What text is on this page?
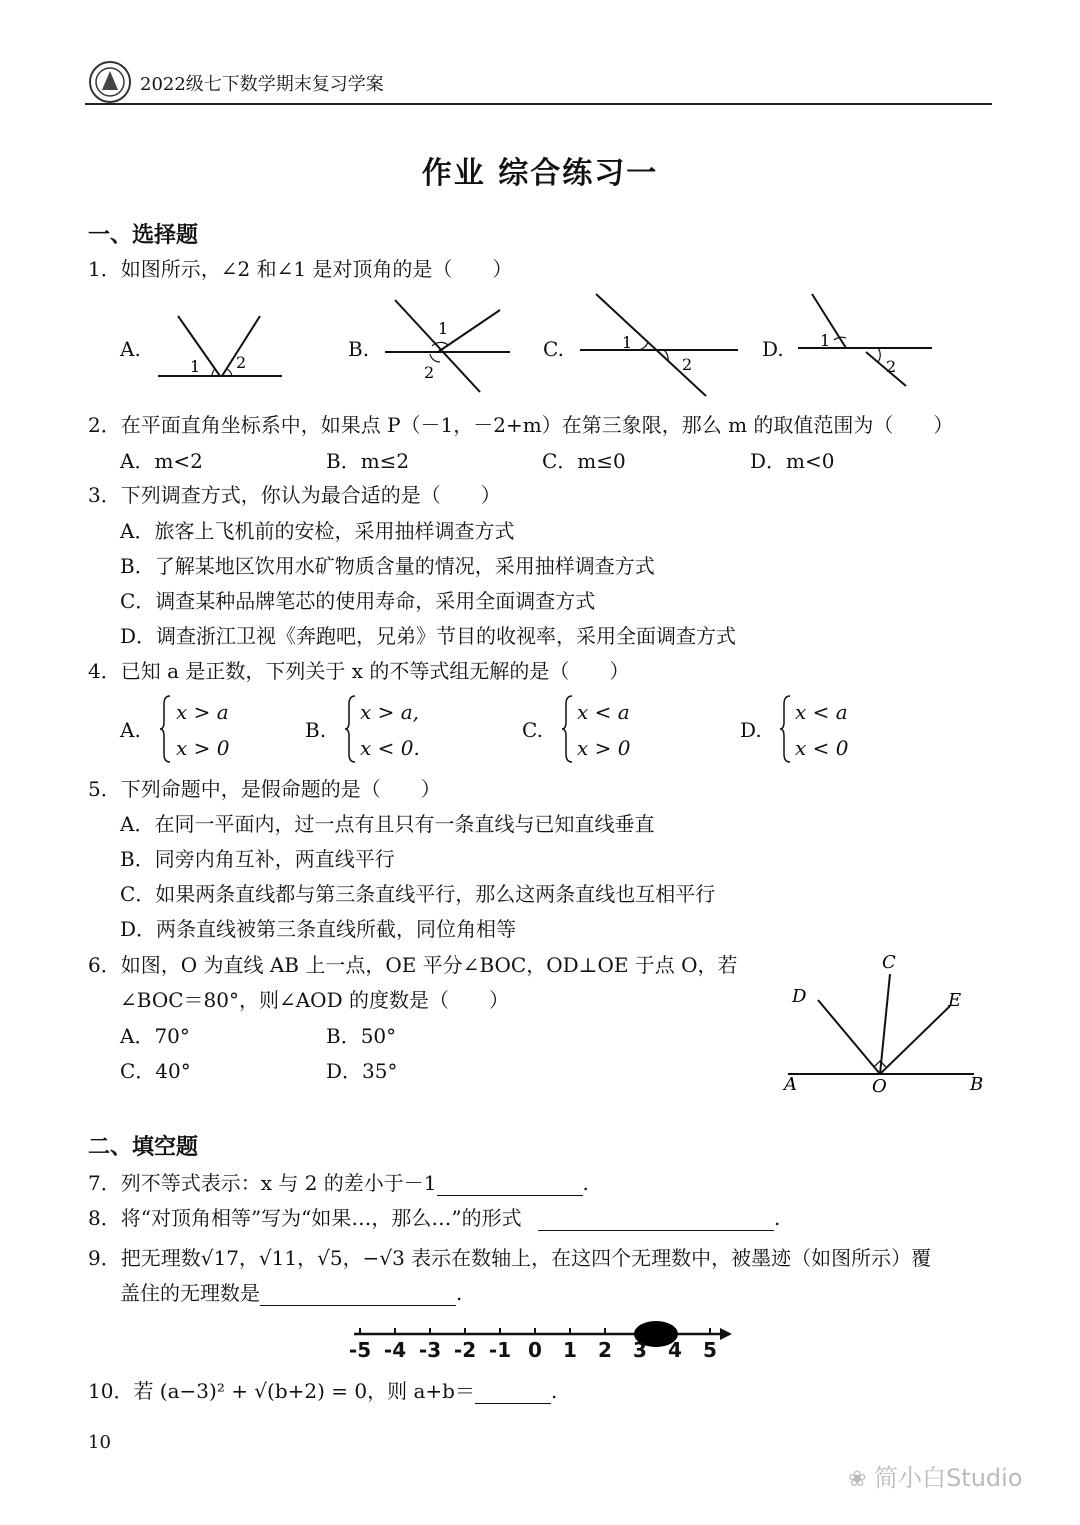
2022级七下数学期末复习学案
作业 综合练习一
一、选择题
1．如图所示，∠2 和∠1 是对顶角的是（　　）
A.	B.	C.	D.
1 2
1
2
1
2
1
2
2．在平面直角坐标系中，如果点 P（－1，－2+m）在第三象限，那么 m 的取值范围为（　　）
A．m<2	B．m≤2	C．m≤0	D．m<0
3．下列调查方式，你认为最合适的是（　　）
A．旅客上飞机前的安检，采用抽样调查方式
B．了解某地区饮用水矿物质含量的情况，采用抽样调查方式
C．调查某种品牌笔芯的使用寿命，采用全面调查方式
D．调查浙江卫视《奔跑吧，兄弟》节目的收视率，采用全面调查方式
4．已知 a 是正数，下列关于 x 的不等式组无解的是（　　）
A.
x > a
x > 0
B.
x > a,
x < 0.
C.
x < a
x > 0
D.
x < a
x < 0
5．下列命题中，是假命题的是（　　）
A．在同一平面内，过一点有且只有一条直线与已知直线垂直
B．同旁内角互补，两直线平行
C．如果两条直线都与第三条直线平行，那么这两条直线也互相平行
D．两条直线被第三条直线所截，同位角相等
6．如图，O 为直线 AB 上一点，OE 平分∠BOC，OD⊥OE 于点 O，若
∠BOC＝80°，则∠AOD 的度数是（　　）
A．70°	B．50°
C．40°	D．35°
C
D	E
A	O	B
二、填空题
7．列不等式表示：x 与 2 的差小于－1	.
8．将“对顶角相等”写为“如果…，那么…”的形式	.
9．把无理数√17，√11，√5，−√3 表示在数轴上，在这四个无理数中，被墨迹（如图所示）覆
盖住的无理数是	.
-5 -4 -3 -2 -1 0 1 2 3 4 5
10．若 (a−3)² + √(b+2) = 0，则 a+b＝	.
10
❀ 简小白Studio
